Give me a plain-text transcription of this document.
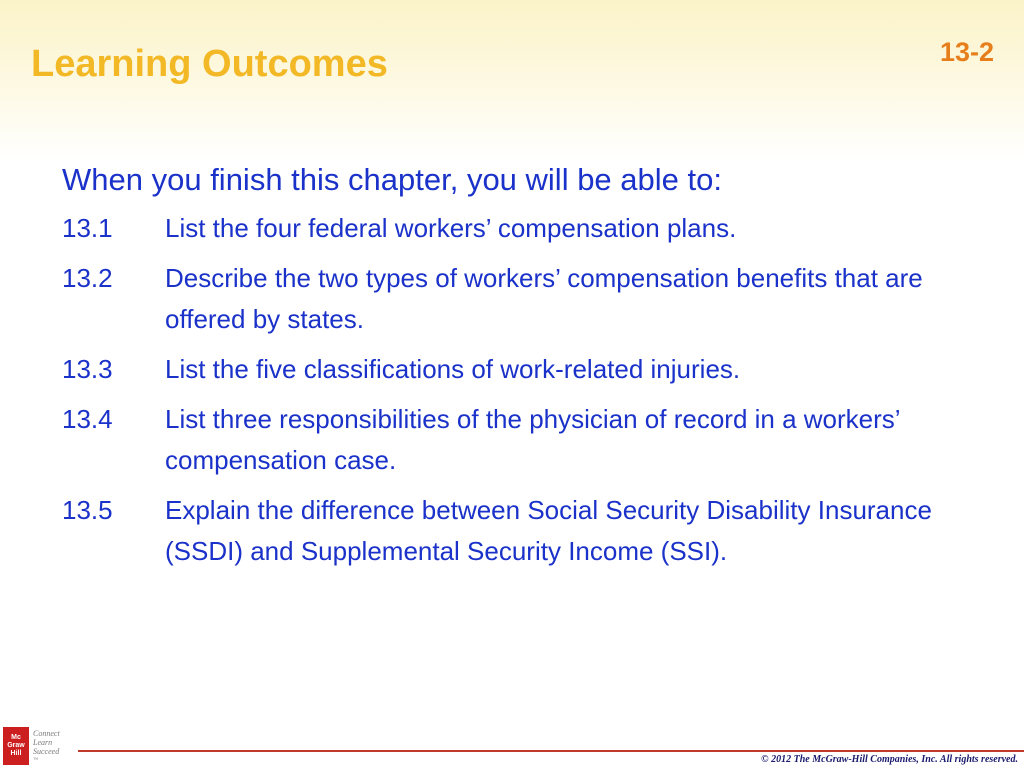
Learning Outcomes	13-2

When you finish this chapter, you will be able to:

13.1	List the four federal workers’ compensation plans.
13.2	Describe the two types of workers’ compensation benefits that are offered by states.
13.3	List the five classifications of work-related injuries.
13.4	List three responsibilities of the physician of record in a workers’ compensation case.
13.5	Explain the difference between Social Security Disability Insurance (SSDI) and Supplemental Security Income (SSI).
Mc
Graw
Hill
Connect
Learn
Succeed
™	© 2012 The McGraw-Hill Companies, Inc. All rights reserved.
